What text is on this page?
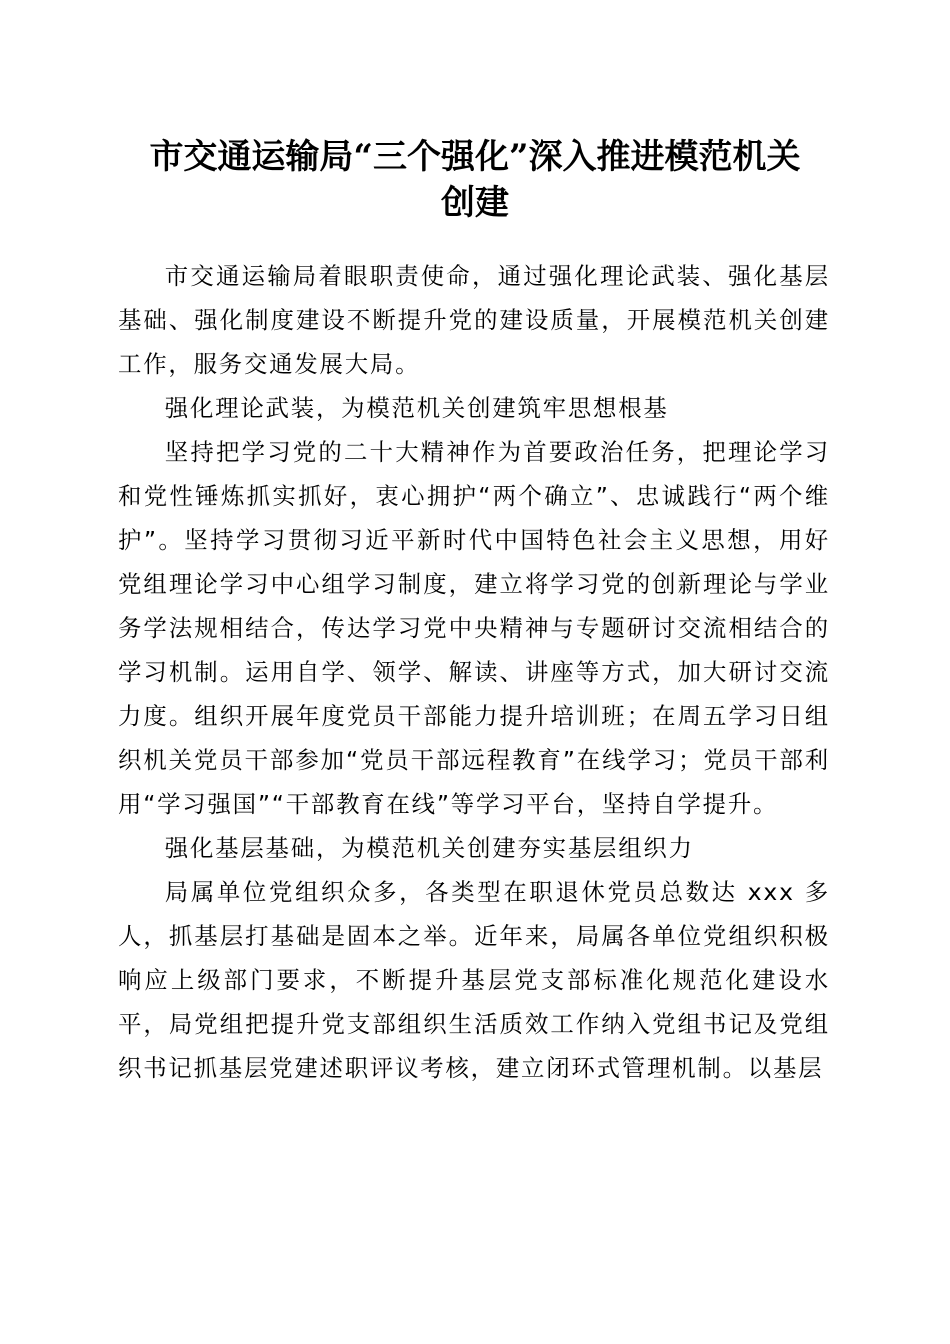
市交通运输局“三个强化”深入推进模范机关
创建

市交通运输局着眼职责使命，通过强化理论武装、强化基层基础、强化制度建设不断提升党的建设质量，开展模范机关创建工作，服务交通发展大局。

强化理论武装，为模范机关创建筑牢思想根基

坚持把学习党的二十大精神作为首要政治任务，把理论学习和党性锤炼抓实抓好，衷心拥护“两个确立”、忠诚践行“两个维护”。坚持学习贯彻习近平新时代中国特色社会主义思想，用好党组理论学习中心组学习制度，建立将学习党的创新理论与学业务学法规相结合，传达学习党中央精神与专题研讨交流相结合的学习机制。运用自学、领学、解读、讲座等方式，加大研讨交流力度。组织开展年度党员干部能力提升培训班；在周五学习日组织机关党员干部参加“党员干部远程教育”在线学习；党员干部利用“学习强国”“干部教育在线”等学习平台，坚持自学提升。

强化基层基础，为模范机关创建夯实基层组织力

局属单位党组织众多，各类型在职退休党员总数达 xxx 多人，抓基层打基础是固本之举。近年来，局属各单位党组织积极响应上级部门要求，不断提升基层党支部标准化规范化建设水平，局党组把提升党支部组织生活质效工作纳入党组书记及党组织书记抓基层党建述职评议考核，建立闭环式管理机制。以基层
